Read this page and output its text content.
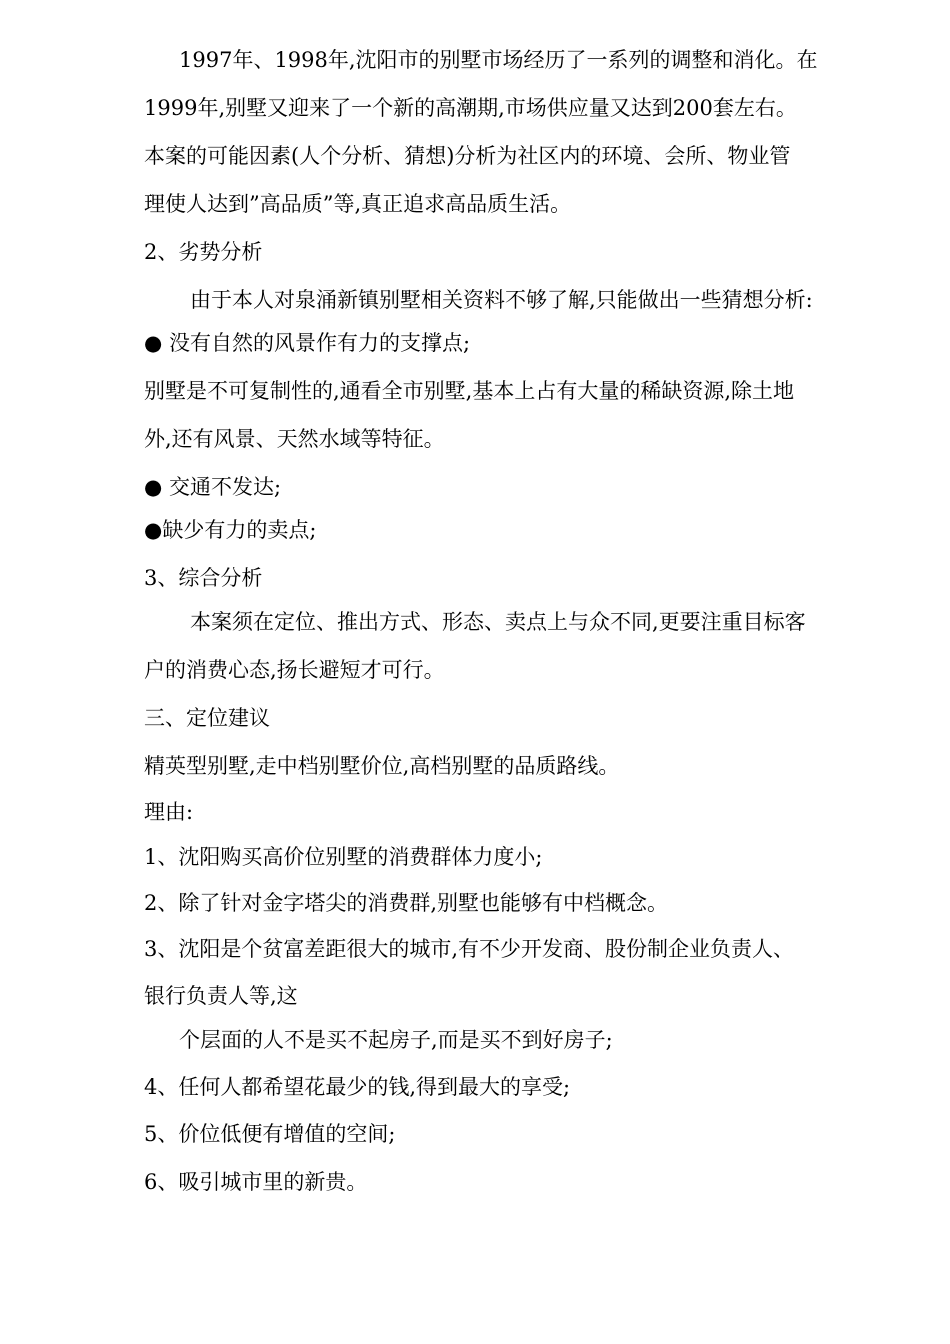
1997年、1998年,沈阳市的别墅市场经历了一系列的调整和消化。在
1999年,别墅又迎来了一个新的高潮期,市场供应量又达到200套左右。
本案的可能因素(人个分析、猜想)分析为社区内的环境、会所、物业管
理使人达到”高品质”等,真正追求高品质生活。
2、劣势分析
由于本人对泉涌新镇别墅相关资料不够了解,只能做出一些猜想分析:
● 没有自然的风景作有力的支撑点;
别墅是不可复制性的,通看全市别墅,基本上占有大量的稀缺资源,除土地
外,还有风景、天然水域等特征。
● 交通不发达;
●缺少有力的卖点;
3、综合分析
本案须在定位、推出方式、形态、卖点上与众不同,更要注重目标客
户的消费心态,扬长避短才可行。
三、定位建议
精英型别墅,走中档别墅价位,高档别墅的品质路线。
理由:
1、沈阳购买高价位别墅的消费群体力度小;
2、除了针对金字塔尖的消费群,别墅也能够有中档概念。
3、沈阳是个贫富差距很大的城市,有不少开发商、股份制企业负责人、
银行负责人等,这
个层面的人不是买不起房子,而是买不到好房子;
4、任何人都希望花最少的钱,得到最大的享受;
5、价位低便有增值的空间;
6、吸引城市里的新贵。
